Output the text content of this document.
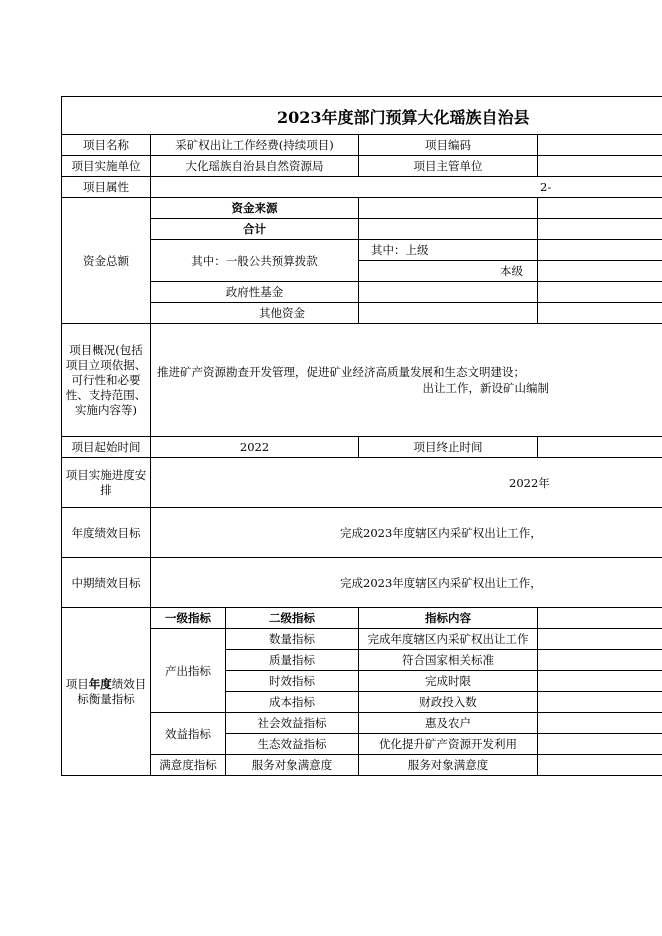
2023年度部门预算大化瑶族自治县
项目名称	采矿权出让工作经费(持续项目)		项目编码	
项目实施单位	大化瑶族自治县自然资源局		项目主管单位	
项目属性	2-			
资金总额	资金来源			
	合计			
	其中：一般公共预算拨款		其中：上级	
			本级	
	政府性基金			
	其他资金			
项目概况(包括项目立项依据、可行性和必要性、支持范围、实施内容等)	推进矿产资源勘查开发管理，促进矿业经济高质量发展和生态文明建设；
出让工作，新设矿山编制			

项目起始时间	2022		项目终止时间	
项目实施进度安排	2022年			
年度绩效目标	完成2023年度辖区内采矿权出让工作，			
中期绩效目标	完成2023年度辖区内采矿权出让工作，			
项目年度绩效目标衡量指标	一级指标	二级指标	指标内容	
	产出指标	数量指标	完成年度辖区内采矿权出让工作	
		质量指标	符合国家相关标准	
		时效指标	完成时限	
		成本指标	财政投入数	
	效益指标	社会效益指标	惠及农户	
		生态效益指标	优化提升矿产资源开发利用	
	满意度指标	服务对象满意度	服务对象满意度	
